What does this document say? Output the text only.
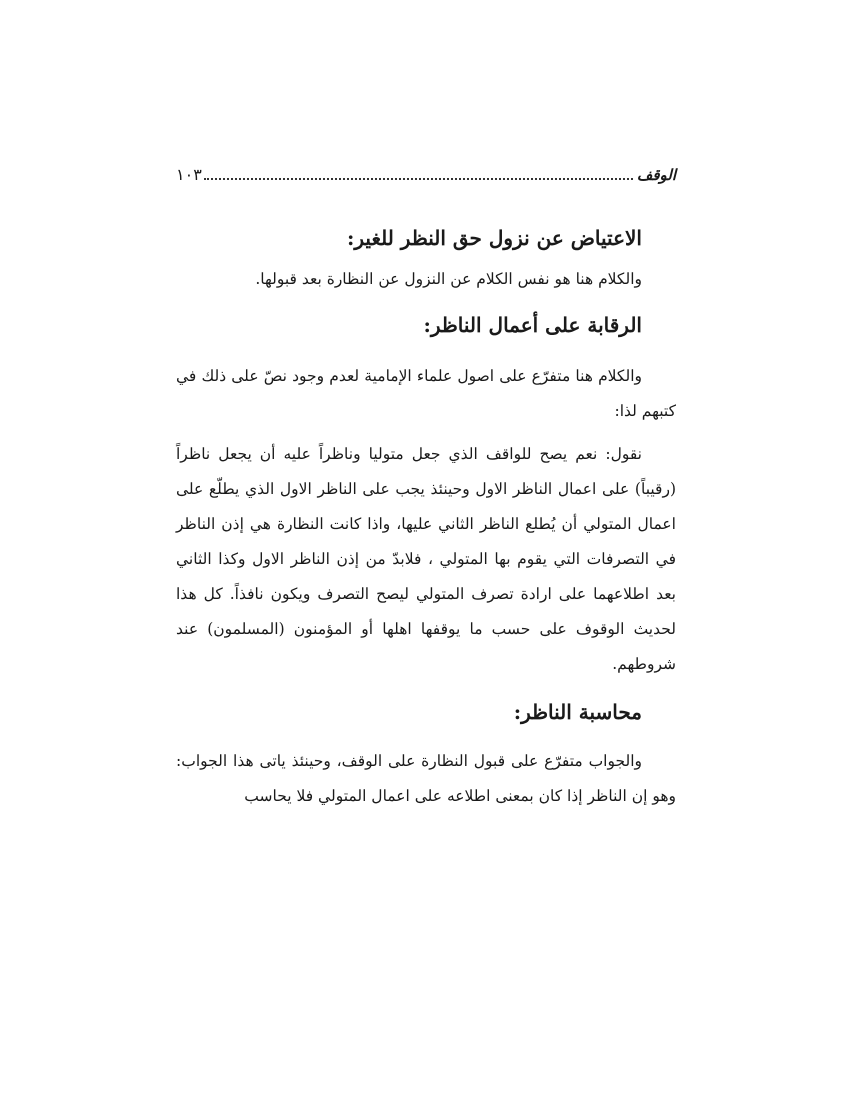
الوقف
١٠٣
الاعتياض عن نزول حق النظر للغير:

والكلام هنا هو نفس الكلام عن النزول عن النظارة بعد قبولها.

الرقابة على أعمال الناظر:

والكلام هنا متفرّع على اصول علماء الإمامية لعدم وجود نصّ على ذلك في كتبهم لذا:

نقول: نعم يصح للواقف الذي جعل متوليا وناظراً عليه أن يجعل ناظراً (رقيباً) على اعمال الناظر الاول وحينئذ يجب على الناظر الاول الذي يطلّع على اعمال المتولي أن يُطلع الناظر الثاني عليها، واذا كانت النظارة هي إذن الناظر في التصرفات التي يقوم بها المتولي ، فلابدّ من إذن الناظر الاول وكذا الثاني بعد اطلاعهما على ارادة تصرف المتولي ليصح التصرف ويكون نافذاً. كل هذا لحديث الوقوف على حسب ما يوقفها اهلها أو المؤمنون (المسلمون) عند شروطهم.

محاسبة الناظر:

والجواب متفرّع على قبول النظارة على الوقف، وحينئذ ياتى هذا الجواب: وهو إن الناظر إذا كان بمعنى اطلاعه على اعمال المتولي فلا يحاسب
